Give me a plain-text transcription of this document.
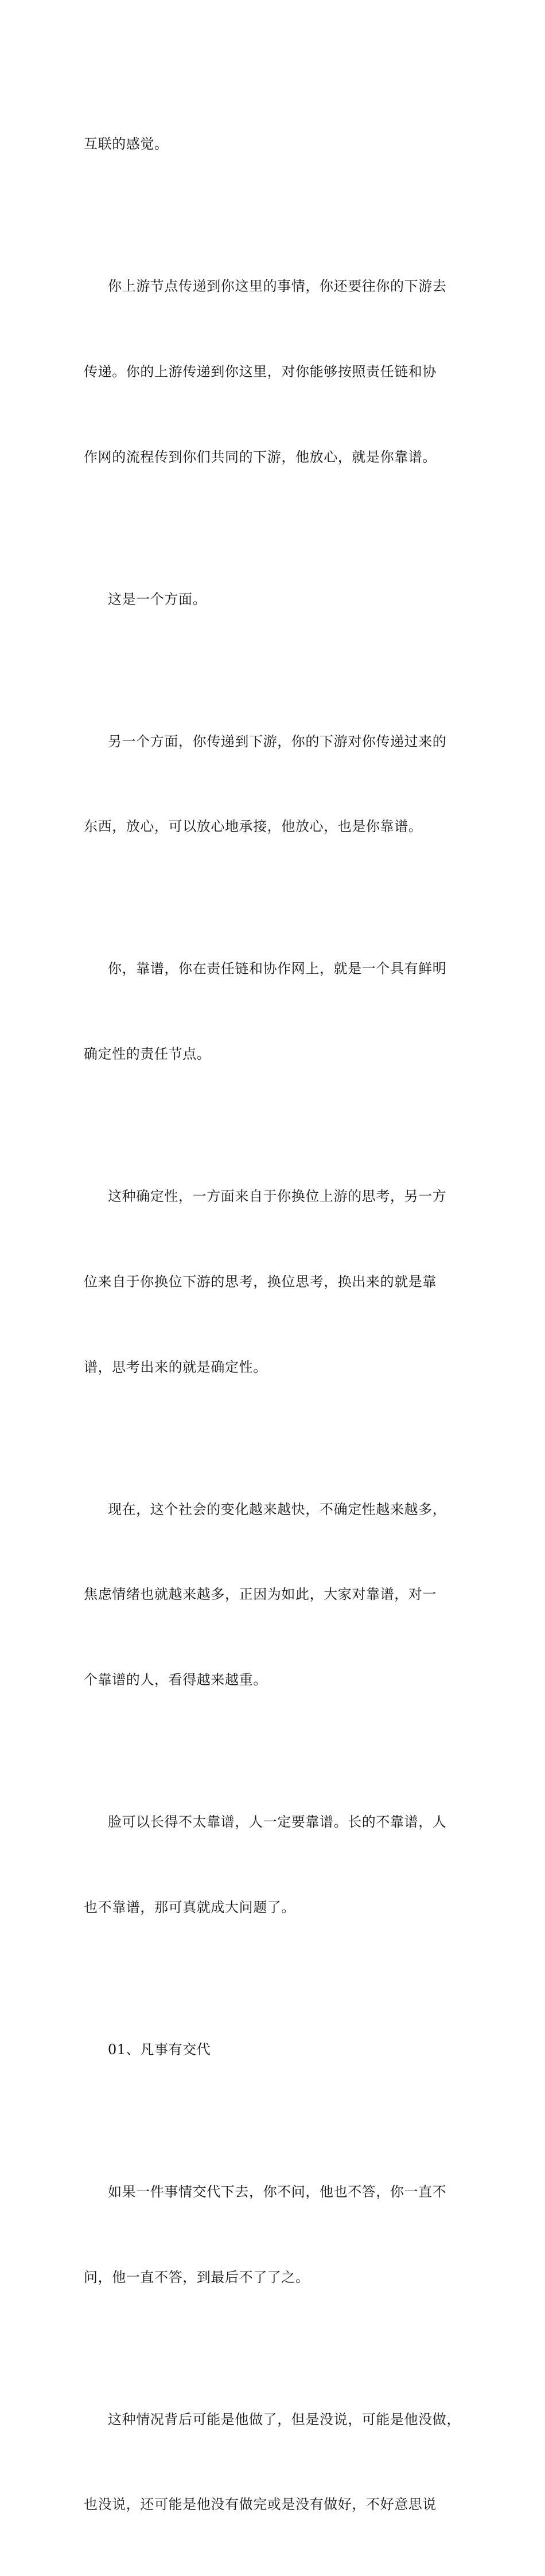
互联的感觉。

你上游节点传递到你这里的事情，你还要往你的下游去

传递。你的上游传递到你这里，对你能够按照责任链和协

作网的流程传到你们共同的下游，他放心，就是你靠谱。

这是一个方面。

另一个方面，你传递到下游，你的下游对你传递过来的

东西，放心，可以放心地承接，他放心，也是你靠谱。

你，靠谱，你在责任链和协作网上，就是一个具有鲜明

确定性的责任节点。

这种确定性，一方面来自于你换位上游的思考，另一方

位来自于你换位下游的思考，换位思考，换出来的就是靠

谱，思考出来的就是确定性。

现在，这个社会的变化越来越快，不确定性越来越多，

焦虑情绪也就越来越多，正因为如此，大家对靠谱，对一

个靠谱的人，看得越来越重。

脸可以长得不太靠谱，人一定要靠谱。长的不靠谱，人

也不靠谱，那可真就成大问题了。

01、凡事有交代

如果一件事情交代下去，你不问，他也不答，你一直不

问，他一直不答，到最后不了了之。

这种情况背后可能是他做了，但是没说，可能是他没做，

也没说，还可能是他没有做完或是没有做好，不好意思说
